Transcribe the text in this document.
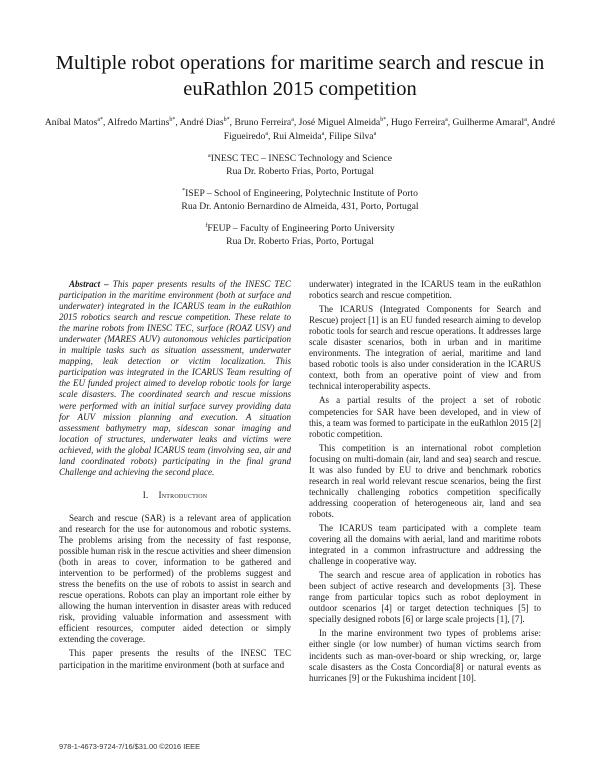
Multiple robot operations for maritime search and rescue in euRathlon 2015 competition
Aníbal Matos$^{a*}$, Alfredo Martins$^{b*}$, André Dias$^{b*}$, Bruno Ferreira$^a$, José Miguel Almeida$^{b*}$, Hugo Ferreira$^a$, Guilherme Amaral$^a$, André Figueiredo$^a$, Rui Almeida$^a$, Filipe Silva$^a$
$^a$INESC TEC – INESC Technology and Science
Rua Dr. Roberto Frias, Porto, Portugal
*ISEP – School of Engineering, Polytechnic Institute of Porto
Rua Dr. Antonio Bernardino de Almeida, 431, Porto, Portugal
$^f$FEUP – Faculty of Engineering Porto University
Rua Dr. Roberto Frias, Porto, Portugal

Abstract – This paper presents results of the INESC TEC participation in the maritime environment (both at surface and underwater) integrated in the ICARUS team in the euRathlon 2015 robotics search and rescue competition. These relate to the marine robots from INESC TEC, surface (ROAZ USV) and underwater (MARES AUV) autonomous vehicles participation in multiple tasks such as situation assessment, underwater mapping, leak detection or victim localization. This participation was integrated in the ICARUS Team resulting of the EU funded project aimed to develop robotic tools for large scale disasters. The coordinated search and rescue missions were performed with an initial surface survey providing data for AUV mission planning and execution. A situation assessment bathymetry map, sidescan sonar imaging and location of structures, underwater leaks and victims were achieved, with the global ICARUS team (involving sea, air and land coordinated robots) participating in the final grand Challenge and achieving the second place.

I. Introduction

Search and rescue (SAR) is a relevant area of application and research for the use for autonomous and robotic systems. The problems arising from the necessity of fast response, possible human risk in the rescue activities and sheer dimension (both in areas to cover, information to be gathered and intervention to be performed) of the problems suggest and stress the benefits on the use of robots to assist in search and rescue operations. Robots can play an important role either by allowing the human intervention in disaster areas with reduced risk, providing valuable information and assessment with efficient resources, computer aided detection or simply extending the coverage.

This paper presents the results of the INESC TEC participation in the maritime environment (both at surface and

underwater) integrated in the ICARUS team in the euRathlon robotics search and rescue competition.

The ICARUS (Integrated Components for Search and Rescue) project [1] is an EU funded research aiming to develop robotic tools for search and rescue operations. It addresses large scale disaster scenarios, both in urban and in maritime environments. The integration of aerial, maritime and land based robotic tools is also under consideration in the ICARUS context, both from an operative point of view and from technical interoperability aspects.

As a partial results of the project a set of robotic competencies for SAR have been developed, and in view of this, a team was formed to participate in the euRathlon 2015 [2] robotic competition.

This competition is an international robot completion focusing on multi-domain (air, land and sea) search and rescue. It was also funded by EU to drive and benchmark robotics research in real world relevant rescue scenarios, being the first technically challenging robotics competition specifically addressing cooperation of heterogeneous air, land and sea robots.

The ICARUS team participated with a complete team covering all the domains with aerial, land and maritime robots integrated in a common infrastructure and addressing the challenge in cooperative way.

The search and rescue area of application in robotics has been subject of active research and developments [3]. These range from particular topics such as robot deployment in outdoor scenarios [4] or target detection techniques [5] to specially designed robots [6] or large scale projects [1], [7].

In the marine environment two types of problems arise: either single (or low number) of human victims search from incidents such as man-over-board or ship wrecking, or, large scale disasters as the Costa Concordia[8] or natural events as hurricanes [9] or the Fukushima incident [10].

978-1-4673-9724-7/16/$31.00 ©2016 IEEE
